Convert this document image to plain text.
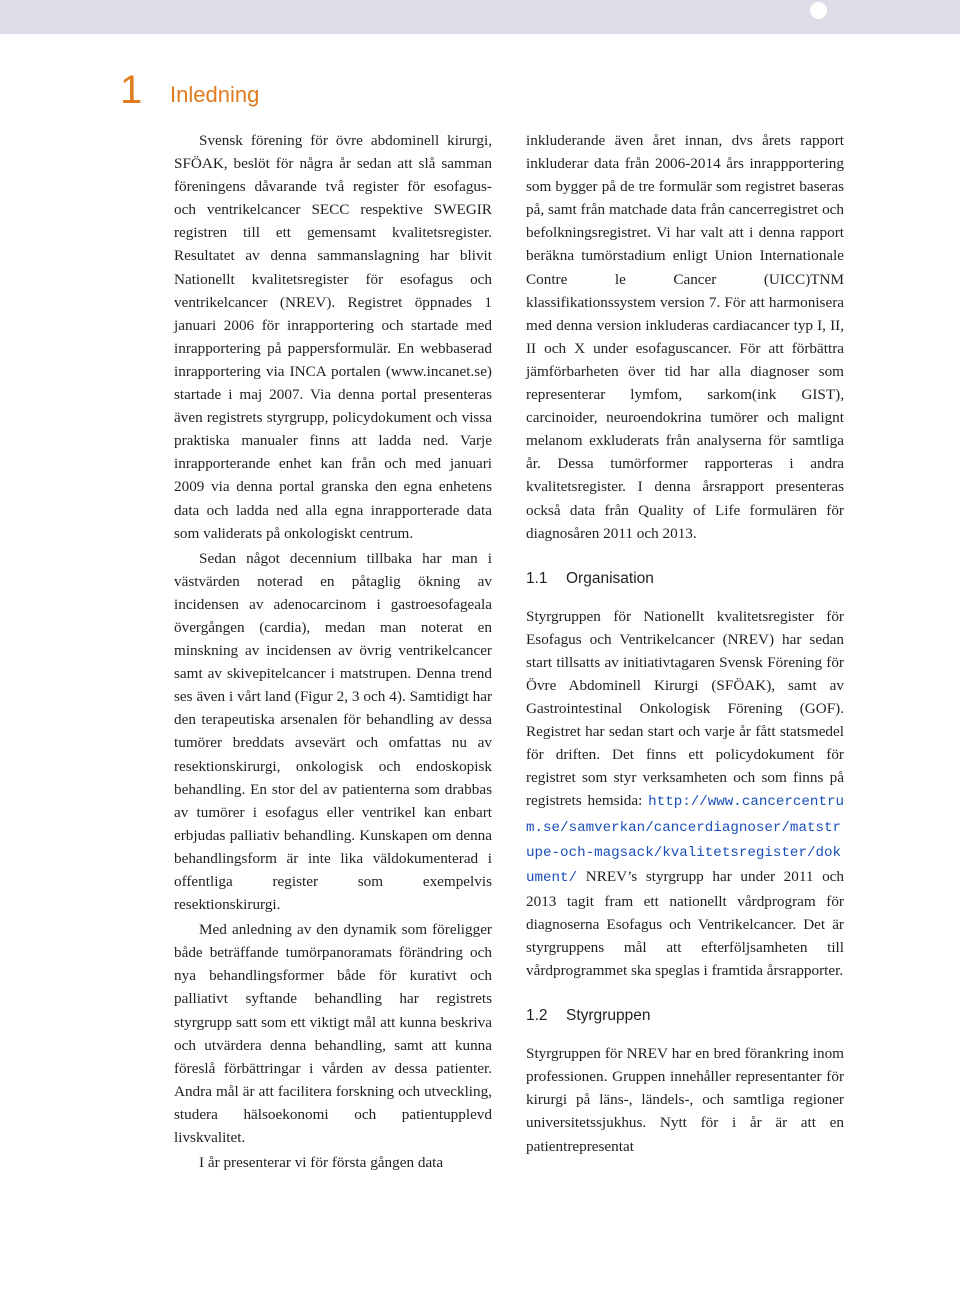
1 Inledning

Svensk förening för övre abdominell kirurgi, SFÖAK, beslöt för några år sedan att slå samman föreningens dåvarande två register för esofagus- och ventrikelcancer SECC respektive SWEGIR registren till ett gemensamt kvalitetsregister. Resultatet av denna sammanslagning har blivit Nationellt kvalitetsregister för esofagus och ventrikelcancer (NREV). Registret öppnades 1 januari 2006 för inrapportering och startade med inrapportering på pappersformulär. En webbaserad inrapportering via INCA portalen (www.incanet.se) startade i maj 2007. Via denna portal presenteras även registrets styrgrupp, policydokument och vissa praktiska manualer finns att ladda ned. Varje inrapporterande enhet kan från och med januari 2009 via denna portal granska den egna enhetens data och ladda ned alla egna inrapporterade data som validerats på onkologiskt centrum.

Sedan något decennium tillbaka har man i västvärden noterad en påtaglig ökning av incidensen av adenocarcinom i gastroesofageala övergången (cardia), medan man noterat en minskning av incidensen av övrig ventrikelcancer samt av skivepitelcancer i matstrupen. Denna trend ses även i vårt land (Figur 2, 3 och 4). Samtidigt har den terapeutiska arsenalen för behandling av dessa tumörer breddats avsevärt och omfattas nu av resektionskirurgi, onkologisk och endoskopisk behandling. En stor del av patienterna som drabbas av tumörer i esofagus eller ventrikel kan enbart erbjudas palliativ behandling. Kunskapen om denna behandlingsform är inte lika väldokumenterad i offentliga register som exempelvis resektionskirurgi.

Med anledning av den dynamik som föreligger både beträffande tumörpanoramats förändring och nya behandlingsformer både för kurativt och palliativt syftande behandling har registrets styrgrupp satt som ett viktigt mål att kunna beskriva och utvärdera denna behandling, samt att kunna föreslå förbättringar i vården av dessa patienter. Andra mål är att facilitera forskning och utveckling, studera hälsoekonomi och patientupplevd livskvalitet.

I år presenterar vi för första gången data

inkluderande även året innan, dvs årets rapport inkluderar data från 2006-2014 års inrappportering som bygger på de tre formulär som registret baseras på, samt från matchade data från cancerregistret och befolkningsregistret. Vi har valt att i denna rapport beräkna tumörstadium enligt Union Internationale Contre le Cancer (UICC)TNM klassifikationssystem version 7. För att harmonisera med denna version inkluderas cardiacancer typ I, II, II och X under esofaguscancer. För att förbättra jämförbarheten över tid har alla diagnoser som representerar lymfom, sarkom(ink GIST), carcinoider, neuroendokrina tumörer och malignt melanom exkluderats från analyserna för samtliga år. Dessa tumörformer rapporteras i andra kvalitetsregister. I denna årsrapport presenteras också data från Quality of Life formulären för diagnosåren 2011 och 2013.

1.1 Organisation

Styrgruppen för Nationellt kvalitetsregister för Esofagus och Ventrikelcancer (NREV) har sedan start tillsatts av initiativtagaren Svensk Förening för Övre Abdominell Kirurgi (SFÖAK), samt av Gastrointestinal Onkologisk Förening (GOF). Registret har sedan start och varje år fått statsmedel för driften. Det finns ett policydokument för registret som styr verksamheten och som finns på registrets hemsida: http://www.cancercentrum.se/samverkan/cancerdiagnoser/matstrupe-och-magsack/kvalitetsregister/dokument/ NREV’s styrgrupp har under 2011 och 2013 tagit fram ett nationellt vårdprogram för diagnoserna Esofagus och Ventrikelcancer. Det är styrgruppens mål att efterföljsamheten till vårdprogrammet ska speglas i framtida årsrapporter.

1.2 Styrgruppen

Styrgruppen för NREV har en bred förankring inom professionen. Gruppen innehåller representanter för kirurgi på läns-, ländels-, och samtliga regioner universitetssjukhus. Nytt för i år är att en patientrepresentat
